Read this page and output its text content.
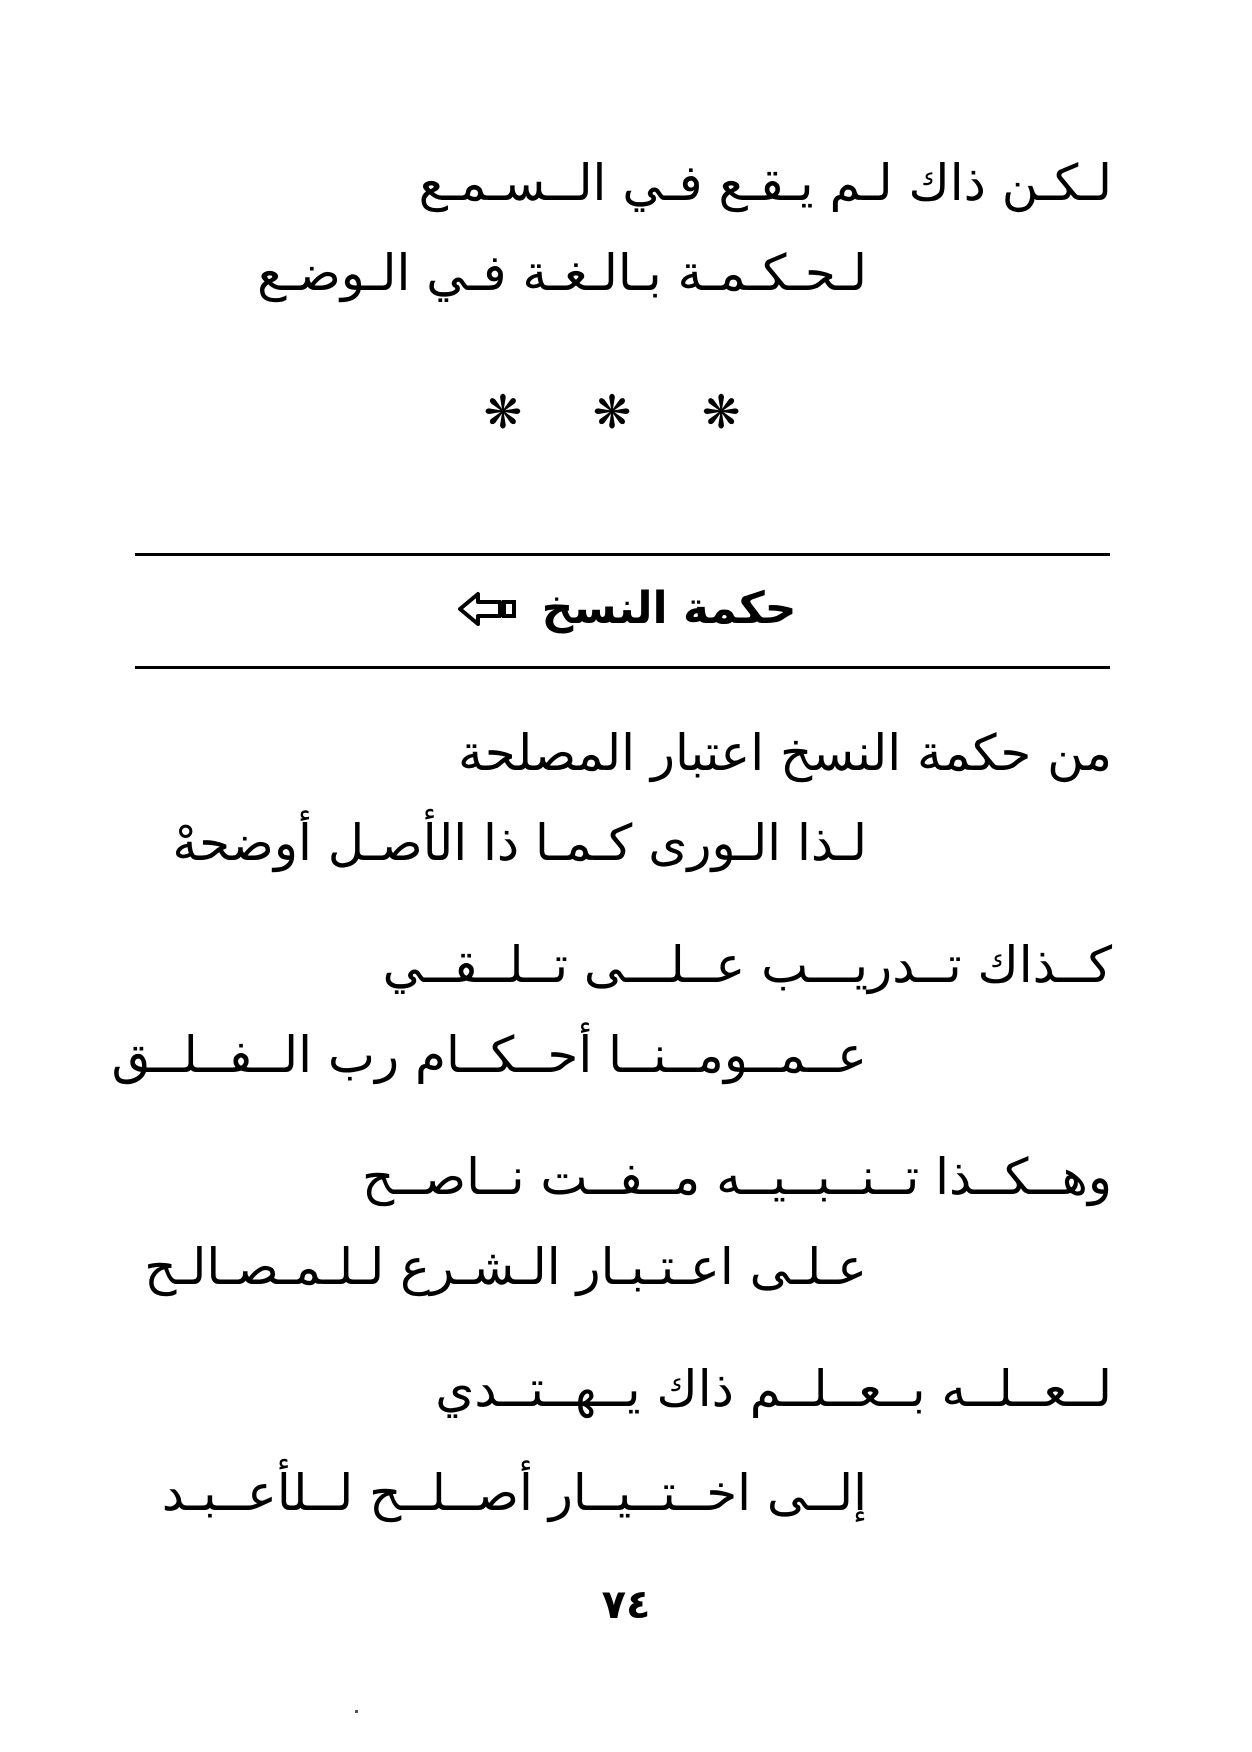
لـكـن ذاك لـم يـقـع فـي الــسـمـع
لـحـكـمـة بـالـغـة فـي الـوضـع
❋ ❋ ❋
حكمة النسخ
من حكمة النسخ اعتبار المصلحة
لـذا الـورى كـمـا ذا الأصـل أوضحهْ
كــذاك تــدريـــب عــلـــى تــلــقــي
عــمــومــنــا أحــكــام رب الــفــلــق
وهــكــذا تــنــبــيــه مــفــت نــاصــح
عـلـى اعـتـبـار الـشـرع لـلـمـصـالـح
لــعــلــه بــعــلــم ذاك يــهــتــدي
إلــى اخــتــيــار أصــلــح لــلأعــبـد
٧٤
